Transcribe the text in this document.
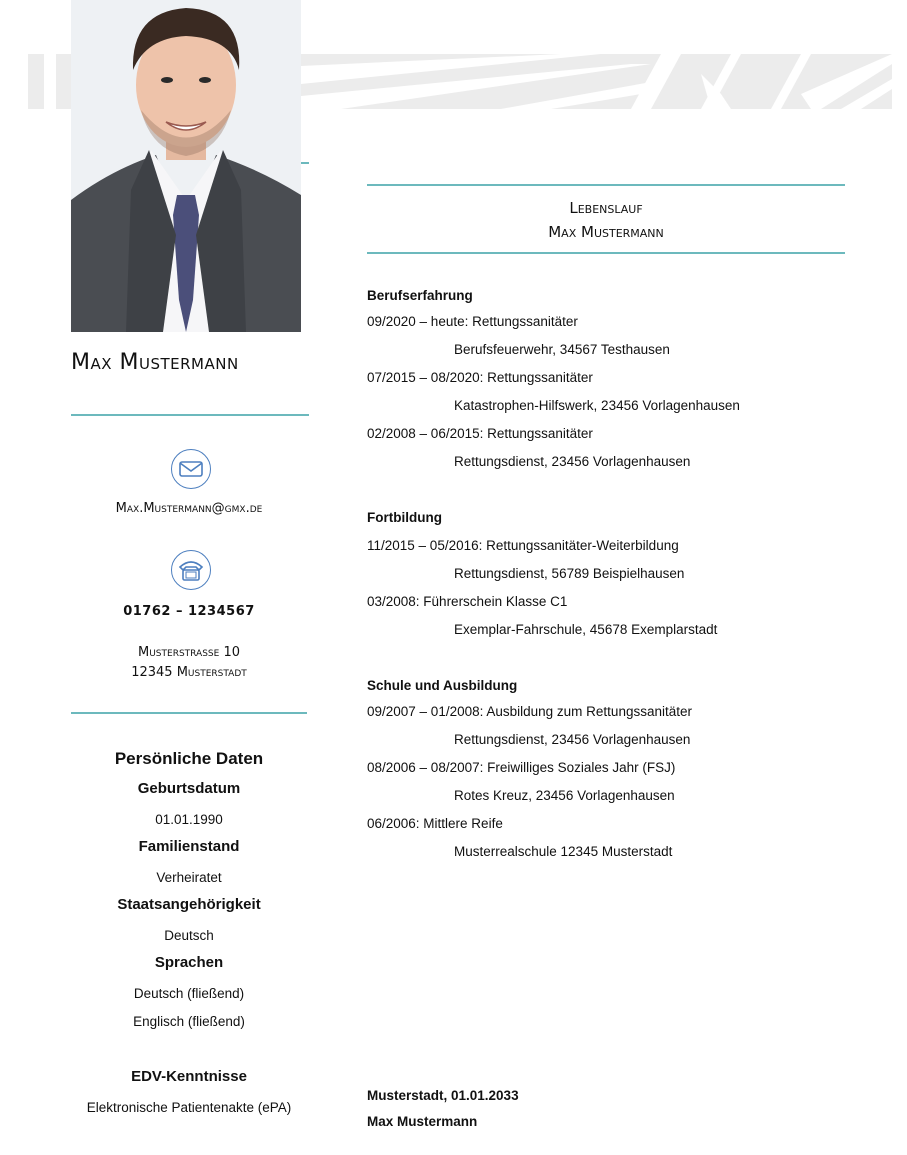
Max Mustermann
Max.Mustermann@gmx.de
01762 – 1234567
Musterstrasse 10
12345 Musterstadt
Persönliche Daten
Geburtsdatum
01.01.1990
Familienstand
Verheiratet
Staatsangehörigkeit
Deutsch
Sprachen
Deutsch (fließend)
Englisch (fließend)
EDV-Kenntnisse
Elektronische Patientenakte (ePA)
Lebenslauf
Max Mustermann
Berufserfahrung
09/2020 – heute: Rettungssanitäter
Berufsfeuerwehr, 34567 Testhausen
07/2015 – 08/2020: Rettungssanitäter
Katastrophen-Hilfswerk, 23456 Vorlagenhausen
02/2008 – 06/2015: Rettungssanitäter
Rettungsdienst, 23456 Vorlagenhausen
Fortbildung
11/2015 – 05/2016: Rettungssanitäter-Weiterbildung
Rettungsdienst, 56789 Beispielhausen
03/2008: Führerschein Klasse C1
Exemplar-Fahrschule, 45678 Exemplarstadt
Schule und Ausbildung
09/2007 – 01/2008: Ausbildung zum Rettungssanitäter
Rettungsdienst, 23456 Vorlagenhausen
08/2006 – 08/2007: Freiwilliges Soziales Jahr (FSJ)
Rotes Kreuz, 23456 Vorlagenhausen
06/2006: Mittlere Reife
Musterrealschule 12345 Musterstadt
Musterstadt, 01.01.2033
Max Mustermann
